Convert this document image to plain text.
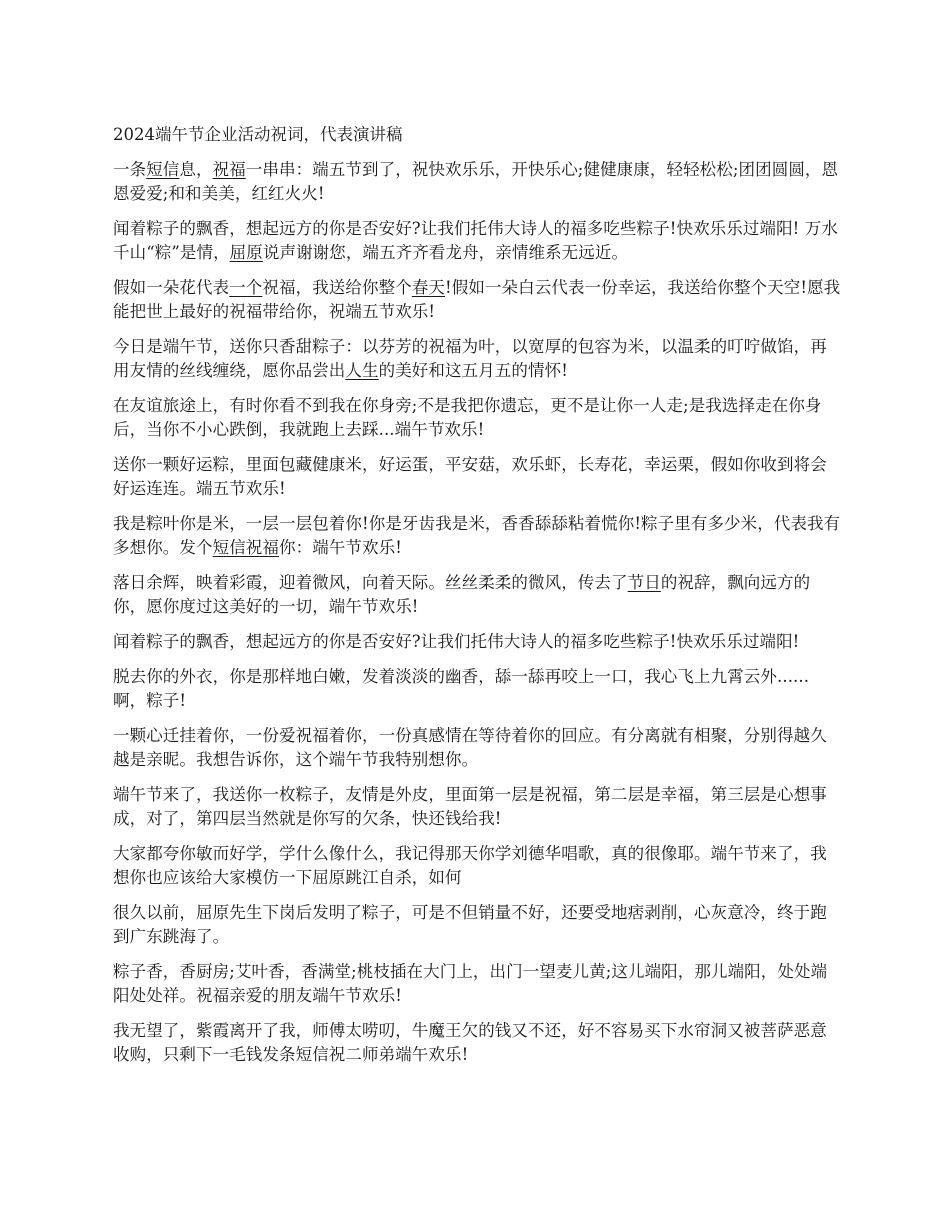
2024端午节企业活动祝词，代表演讲稿

一条短信息，祝福一串串：端五节到了，祝快欢乐乐，开快乐心;健健康康，轻轻松松;团团圆圆，恩恩爱爱;和和美美，红红火火!

闻着粽子的飘香，想起远方的你是否安好?让我们托伟大诗人的福多吃些粽子!快欢乐乐过端阳! 万水千山“粽”是情，屈原说声谢谢您，端五齐齐看龙舟，亲情维系无远近。

假如一朵花代表一个祝福，我送给你整个春天!假如一朵白云代表一份幸运，我送给你整个天空!愿我能把世上最好的祝福带给你，祝端五节欢乐!

今日是端午节，送你只香甜粽子：以芬芳的祝福为叶，以宽厚的包容为米，以温柔的叮咛做馅，再用友情的丝线缠绕，愿你品尝出人生的美好和这五月五的情怀!

在友谊旅途上，有时你看不到我在你身旁;不是我把你遗忘，更不是让你一人走;是我选择走在你身后，当你不小心跌倒，我就跑上去踩...端午节欢乐!

送你一颗好运粽，里面包藏健康米，好运蛋，平安菇，欢乐虾，长寿花，幸运栗，假如你收到将会好运连连。端五节欢乐!

我是粽叶你是米，一层一层包着你!你是牙齿我是米，香香舔舔粘着慌你!粽子里有多少米，代表我有多想你。发个短信祝福你：端午节欢乐!

落日余辉，映着彩霞，迎着微风，向着天际。丝丝柔柔的微风，传去了节日的祝辞，飘向远方的你，愿你度过这美好的一切，端午节欢乐!

闻着粽子的飘香，想起远方的你是否安好?让我们托伟大诗人的福多吃些粽子!快欢乐乐过端阳!

脱去你的外衣，你是那样地白嫩，发着淡淡的幽香，舔一舔再咬上一口，我心飞上九霄云外......啊，粽子!

一颗心迁挂着你，一份爱祝福着你，一份真感情在等待着你的回应。有分离就有相聚，分别得越久越是亲昵。我想告诉你，这个端午节我特别想你。

端午节来了，我送你一枚粽子，友情是外皮，里面第一层是祝福，第二层是幸福，第三层是心想事成，对了，第四层当然就是你写的欠条，快还钱给我!

大家都夸你敏而好学，学什么像什么，我记得那天你学刘德华唱歌，真的很像耶。端午节来了，我想你也应该给大家模仿一下屈原跳江自杀，如何

很久以前，屈原先生下岗后发明了粽子，可是不但销量不好，还要受地痞剥削，心灰意冷，终于跑到广东跳海了。

粽子香，香厨房;艾叶香，香满堂;桃枝插在大门上，出门一望麦儿黄;这儿端阳，那儿端阳，处处端阳处处祥。祝福亲爱的朋友端午节欢乐!

我无望了，紫霞离开了我，师傅太唠叨，牛魔王欠的钱又不还，好不容易买下水帘洞又被菩萨恶意收购，只剩下一毛钱发条短信祝二师弟端午欢乐!
